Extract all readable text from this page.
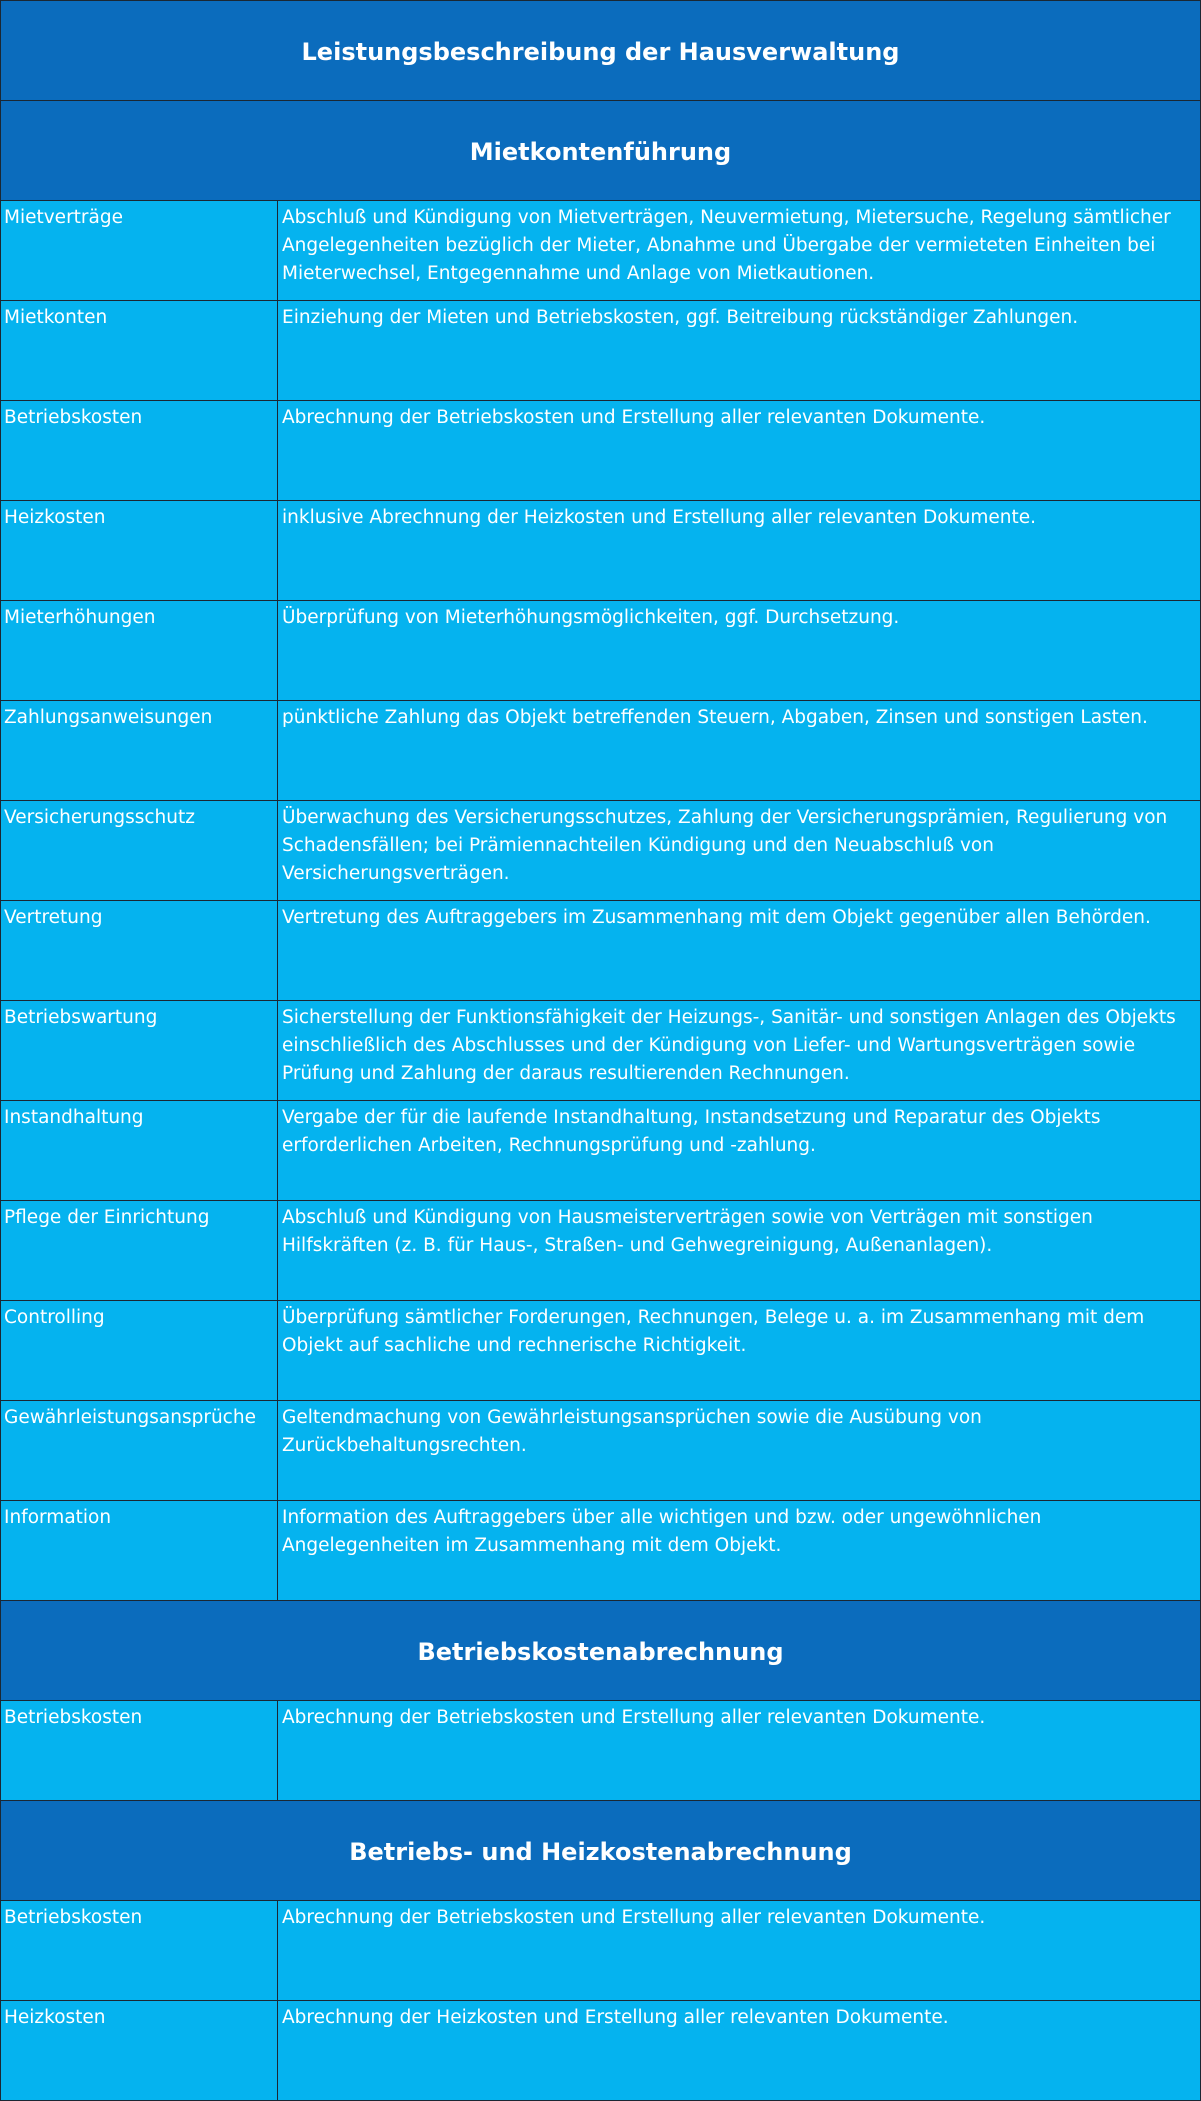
Leistungsbeschreibung der Hausverwaltung
Mietkontenführung
Mietverträge	Abschluß und Kündigung von Mietverträgen, Neuvermietung, Mietersuche, Regelung sämtlicher Angelegenheiten bezüglich der Mieter, Abnahme und Übergabe der vermieteten Einheiten bei Mieterwechsel, Entgegennahme und Anlage von Mietkautionen.
Mietkonten	Einziehung der Mieten und Betriebskosten, ggf. Beitreibung rückständiger Zahlungen.
Betriebskosten	Abrechnung der Betriebskosten und Erstellung aller relevanten Dokumente.
Heizkosten	inklusive Abrechnung der Heizkosten und Erstellung aller relevanten Dokumente.
Mieterhöhungen	Überprüfung von Mieterhöhungsmöglichkeiten, ggf. Durchsetzung.
Zahlungsanweisungen	pünktliche Zahlung das Objekt betreffenden Steuern, Abgaben, Zinsen und sonstigen Lasten.
Versicherungsschutz	Überwachung des Versicherungsschutzes, Zahlung der Versicherungsprämien, Regulierung von Schadensfällen; bei Prämiennachteilen Kündigung und den Neuabschluß von Versicherungsverträgen.
Vertretung	Vertretung des Auftraggebers im Zusammenhang mit dem Objekt gegenüber allen Behörden.
Betriebswartung	Sicherstellung der Funktionsfähigkeit der Heizungs-, Sanitär- und sonstigen Anlagen des Objekts einschließlich des Abschlusses und der Kündigung von Liefer- und Wartungsverträgen sowie Prüfung und Zahlung der daraus resultierenden Rechnungen.
Instandhaltung	Vergabe der für die laufende Instandhaltung, Instandsetzung und Reparatur des Objekts erforderlichen Arbeiten, Rechnungsprüfung und -zahlung.
Pflege der Einrichtung	Abschluß und Kündigung von Hausmeisterverträgen sowie von Verträgen mit sonstigen Hilfskräften (z. B. für Haus-, Straßen- und Gehwegreinigung, Außenanlagen).
Controlling	Überprüfung sämtlicher Forderungen, Rechnungen, Belege u. a. im Zusammenhang mit dem Objekt auf sachliche und rechnerische Richtigkeit.
Gewährleistungsansprüche	Geltendmachung von Gewährleistungsansprüchen sowie die Ausübung von Zurückbehaltungsrechten.
Information	Information des Auftraggebers über alle wichtigen und bzw. oder ungewöhnlichen Angelegenheiten im Zusammenhang mit dem Objekt.
Betriebskostenabrechnung
Betriebskosten	Abrechnung der Betriebskosten und Erstellung aller relevanten Dokumente.
Betriebs- und Heizkostenabrechnung
Betriebskosten	Abrechnung der Betriebskosten und Erstellung aller relevanten Dokumente.
Heizkosten	Abrechnung der Heizkosten und Erstellung aller relevanten Dokumente.
